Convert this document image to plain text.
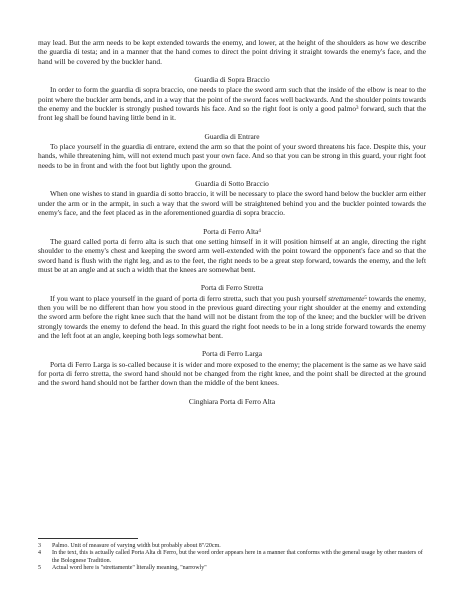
may lead. But the arm needs to be kept extended towards the enemy, and lower, at the height of the shoulders as how we describe the guardia di testa; and in a manner that the hand comes to direct the point driving it straight towards the enemy's face, and the hand will be covered by the buckler hand.

Guardia di Sopra Braccio

In order to form the guardia di sopra braccio, one needs to place the sword arm such that the inside of the elbow is near to the point where the buckler arm bends, and in a way that the point of the sword faces well backwards. And the shoulder points towards the enemy and the buckler is strongly pushed towards his face. And so the right foot is only a good palmo$^3$ forward, such that the front leg shall be found having little bend in it.

Guardia di Entrare

To place yourself in the guardia di entrare, extend the arm so that the point of your sword threatens his face. Despite this, your hands, while threatening him, will not extend much past your own face. And so that you can be strong in this guard, your right foot needs to be in front and with the foot but lightly upon the ground.

Guardia di Sotto Braccio

When one wishes to stand in guardia di sotto braccio, it will be necessary to place the sword hand below the buckler arm either under the arm or in the armpit, in such a way that the sword will be straightened behind you and the buckler pointed towards the enemy's face, and the feet placed as in the aforementioned guardia di sopra braccio.

Porta di Ferro Alta$^4$

The guard called porta di ferro alta is such that one setting himself in it will position himself at an angle, directing the right shoulder to the enemy's chest and keeping the sword arm well-extended with the point toward the opponent's face and so that the sword hand is flush with the right leg, and as to the feet, the right needs to be a great step forward, towards the enemy, and the left must be at an angle and at such a width that the knees are somewhat bent.

Porta di Ferro Stretta

If you want to place yourself in the guard of porta di ferro stretta, such that you push yourself strettamente$^5$ towards the enemy, then you will be no different than how you stood in the previous guard directing your right shoulder at the enemy and extending the sword arm before the right knee such that the hand will not be distant from the top of the knee; and the buckler will be driven strongly towards the enemy to defend the head. In this guard the right foot needs to be in a long stride forward towards the enemy and the left foot at an angle, keeping both legs somewhat bent.

Porta di Ferro Larga

Porta di Ferro Larga is so-called because it is wider and more exposed to the enemy; the placement is the same as we have said for porta di ferro stretta, the sword hand should not be changed from the right knee, and the point shall be directed at the ground and the sword hand should not be farther down than the middle of the bent knees.

Cinghiara Porta di Ferro Alta
3	Palmo. Unit of measure of varying width but probably about 8"/20cm.
4	In the text, this is actually called Porta Alta di Ferro, but the word order appears here in a manner that conforms with the general usage by other masters of the Bolognese Tradition.
5	Actual word here is "strettamente" literally meaning, "narrowly"
